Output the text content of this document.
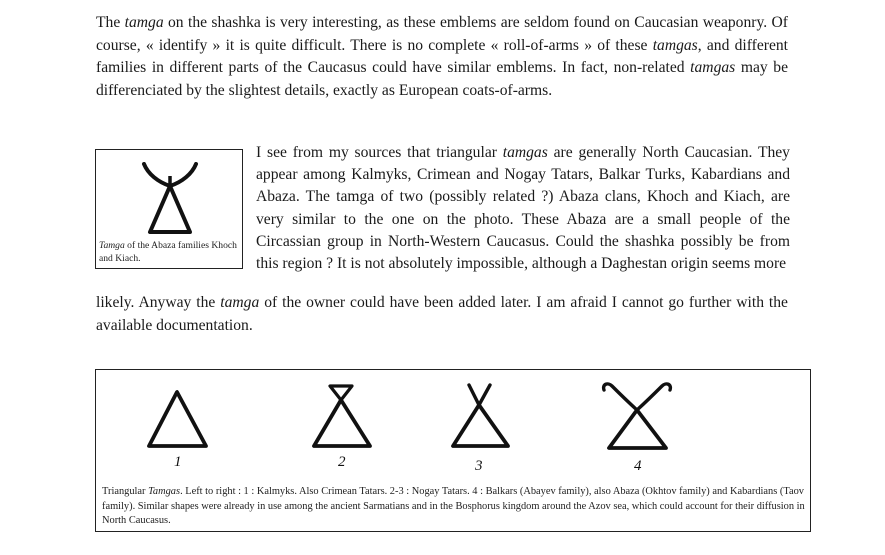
The tamga on the shashka is very interesting, as these emblems are seldom found on Caucasian weaponry. Of course, « identify » it is quite difficult. There is no complete « roll-of-arms » of these tamgas, and different families in different parts of the Caucasus could have similar emblems. In fact, non-related tamgas may be differenciated by the slightest details, exactly as European coats-of-arms.
Tamga of the Abaza families Khoch and Kiach.
I see from my sources that triangular tamgas are generally North Caucasian. They appear among Kalmyks, Crimean and Nogay Tatars, Balkar Turks, Kabardians and Abaza. The tamga of two (possibly related ?) Abaza clans, Khoch and Kiach, are very similar to the one on the photo. These Abaza are a small people of the Circassian group in North-Western Caucasus. Could the shashka possibly be from this region ? It is not absolutely impossible, although a Daghestan origin seems more
likely. Anyway the tamga of the owner could have been added later. I am afraid I cannot go further with the available documentation.
1	2	3	4
Triangular Tamgas. Left to right : 1 : Kalmyks. Also Crimean Tatars. 2-3 : Nogay Tatars. 4 : Balkars (Abayev family), also Abaza (Okhtov family) and Kabardians (Taov family). Similar shapes were already in use among the ancient Sarmatians and in the Bosphorus kingdom around the Azov sea, which could account for their diffusion in North Caucasus.
